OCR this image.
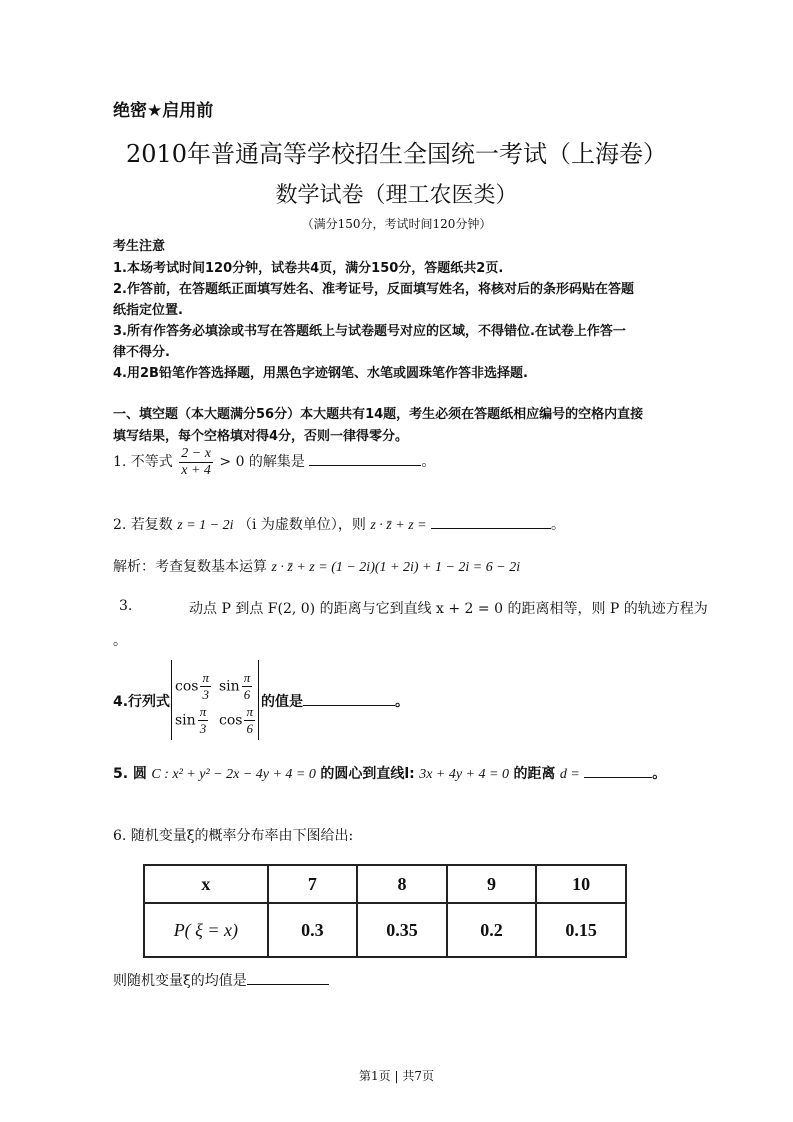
绝密★启用前
2010年普通高等学校招生全国统一考试（上海卷）
数学试卷（理工农医类）
（满分150分，考试时间120分钟）
考生注意
1.本场考试时间120分钟，试卷共4页，满分150分，答题纸共2页.
2.作答前，在答题纸正面填写姓名、准考证号，反面填写姓名，将核对后的条形码贴在答题
纸指定位置.
3.所有作答务必填涂或书写在答题纸上与试卷题号对应的区域，不得错位.在试卷上作答一
律不得分.
4.用2B铅笔作答选择题，用黑色字迹钢笔、水笔或圆珠笔作答非选择题.
一、填空题（本大题满分56分）本大题共有14题，考生必须在答题纸相应编号的空格内直接
填写结果，每个空格填对得4分，否则一律得零分。
1. 不等式 $\frac{2 - x}{x + 4} > 0$ 的解集是	。
2. 若复数 z = 1 − 2i （i 为虚数单位），则 z · z̄ + z =	。
解析：考查复数基本运算 z · z̄ + z = (1 − 2i)(1 + 2i) + 1 − 2i = 6 − 2i
3.	动点 P 到点 F(2, 0) 的距离与它到直线 x + 2 = 0 的距离相等，则 P 的轨迹方程为
。
4.行列式
$\cos \frac{\pi}{3}$ $\sin \frac{\pi}{6}$
$\sin \frac{\pi}{3}$ $\cos \frac{\pi}{6}$
的值是	。
5. 圆 C : x² + y² − 2x − 4y + 4 = 0 的圆心到直线l: 3x + 4y + 4 = 0 的距离 d =	。
6. 随机变量ξ的概率分布率由下图给出:
x	7	8	9	10
P( ξ = x)	0.3	0.35	0.2	0.15
则随机变量ξ的均值是
第1页 | 共7页
